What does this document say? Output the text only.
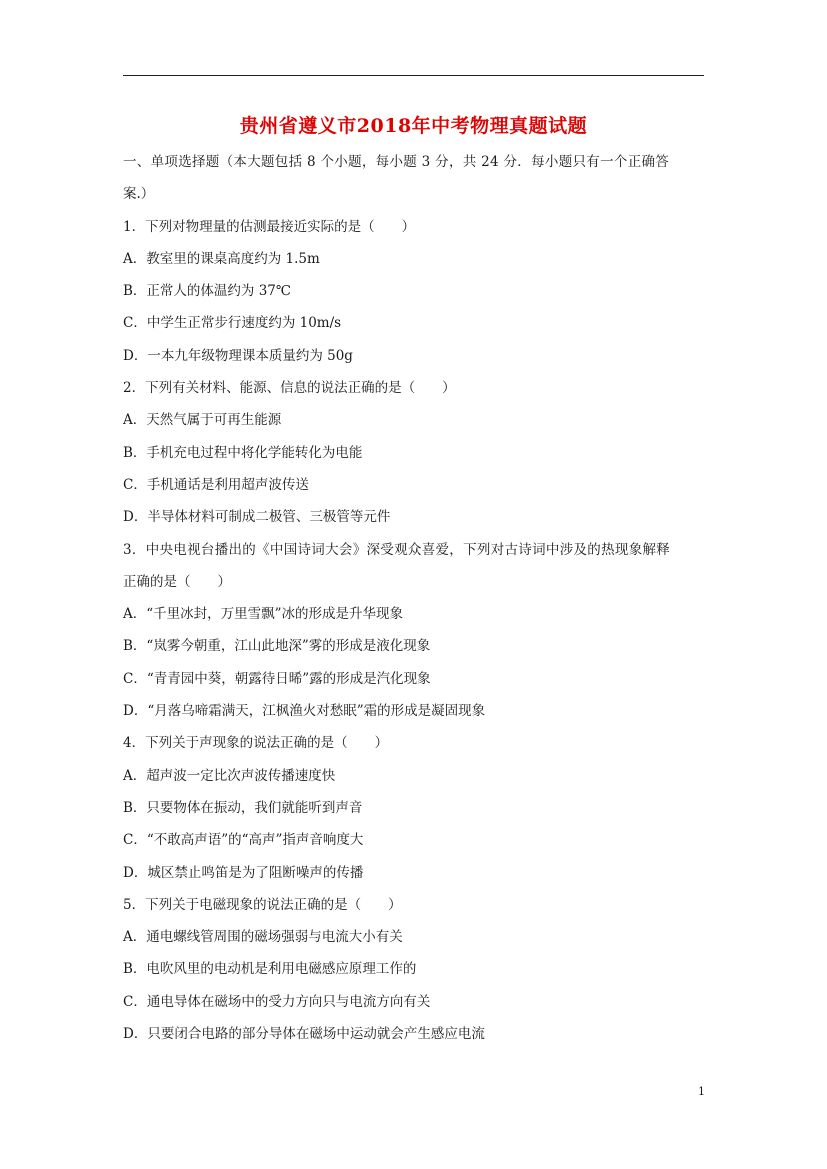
贵州省遵义市2018年中考物理真题试题
一、单项选择题（本大题包括 8 个小题，每小题 3 分，共 24 分．每小题只有一个正确答
案.）
1．下列对物理量的估测最接近实际的是（　　）
A．教室里的课桌高度约为 1.5m
B．正常人的体温约为 37℃
C．中学生正常步行速度约为 10m/s
D．一本九年级物理课本质量约为 50g
2．下列有关材料、能源、信息的说法正确的是（　　）
A．天然气属于可再生能源
B．手机充电过程中将化学能转化为电能
C．手机通话是利用超声波传送
D．半导体材料可制成二极管、三极管等元件
3．中央电视台播出的《中国诗词大会》深受观众喜爱，下列对古诗词中涉及的热现象解释
正确的是（　　）
A．“千里冰封，万里雪飘”冰的形成是升华现象
B．“岚雾今朝重，江山此地深”雾的形成是液化现象
C．“青青园中葵，朝露待日晞”露的形成是汽化现象
D．“月落乌啼霜满天，江枫渔火对愁眠”霜的形成是凝固现象
4．下列关于声现象的说法正确的是（　　）
A．超声波一定比次声波传播速度快
B．只要物体在振动，我们就能听到声音
C．“不敢高声语”的“高声”指声音响度大
D．城区禁止鸣笛是为了阻断噪声的传播
5．下列关于电磁现象的说法正确的是（　　）
A．通电螺线管周围的磁场强弱与电流大小有关
B．电吹风里的电动机是利用电磁感应原理工作的
C．通电导体在磁场中的受力方向只与电流方向有关
D．只要闭合电路的部分导体在磁场中运动就会产生感应电流
1
